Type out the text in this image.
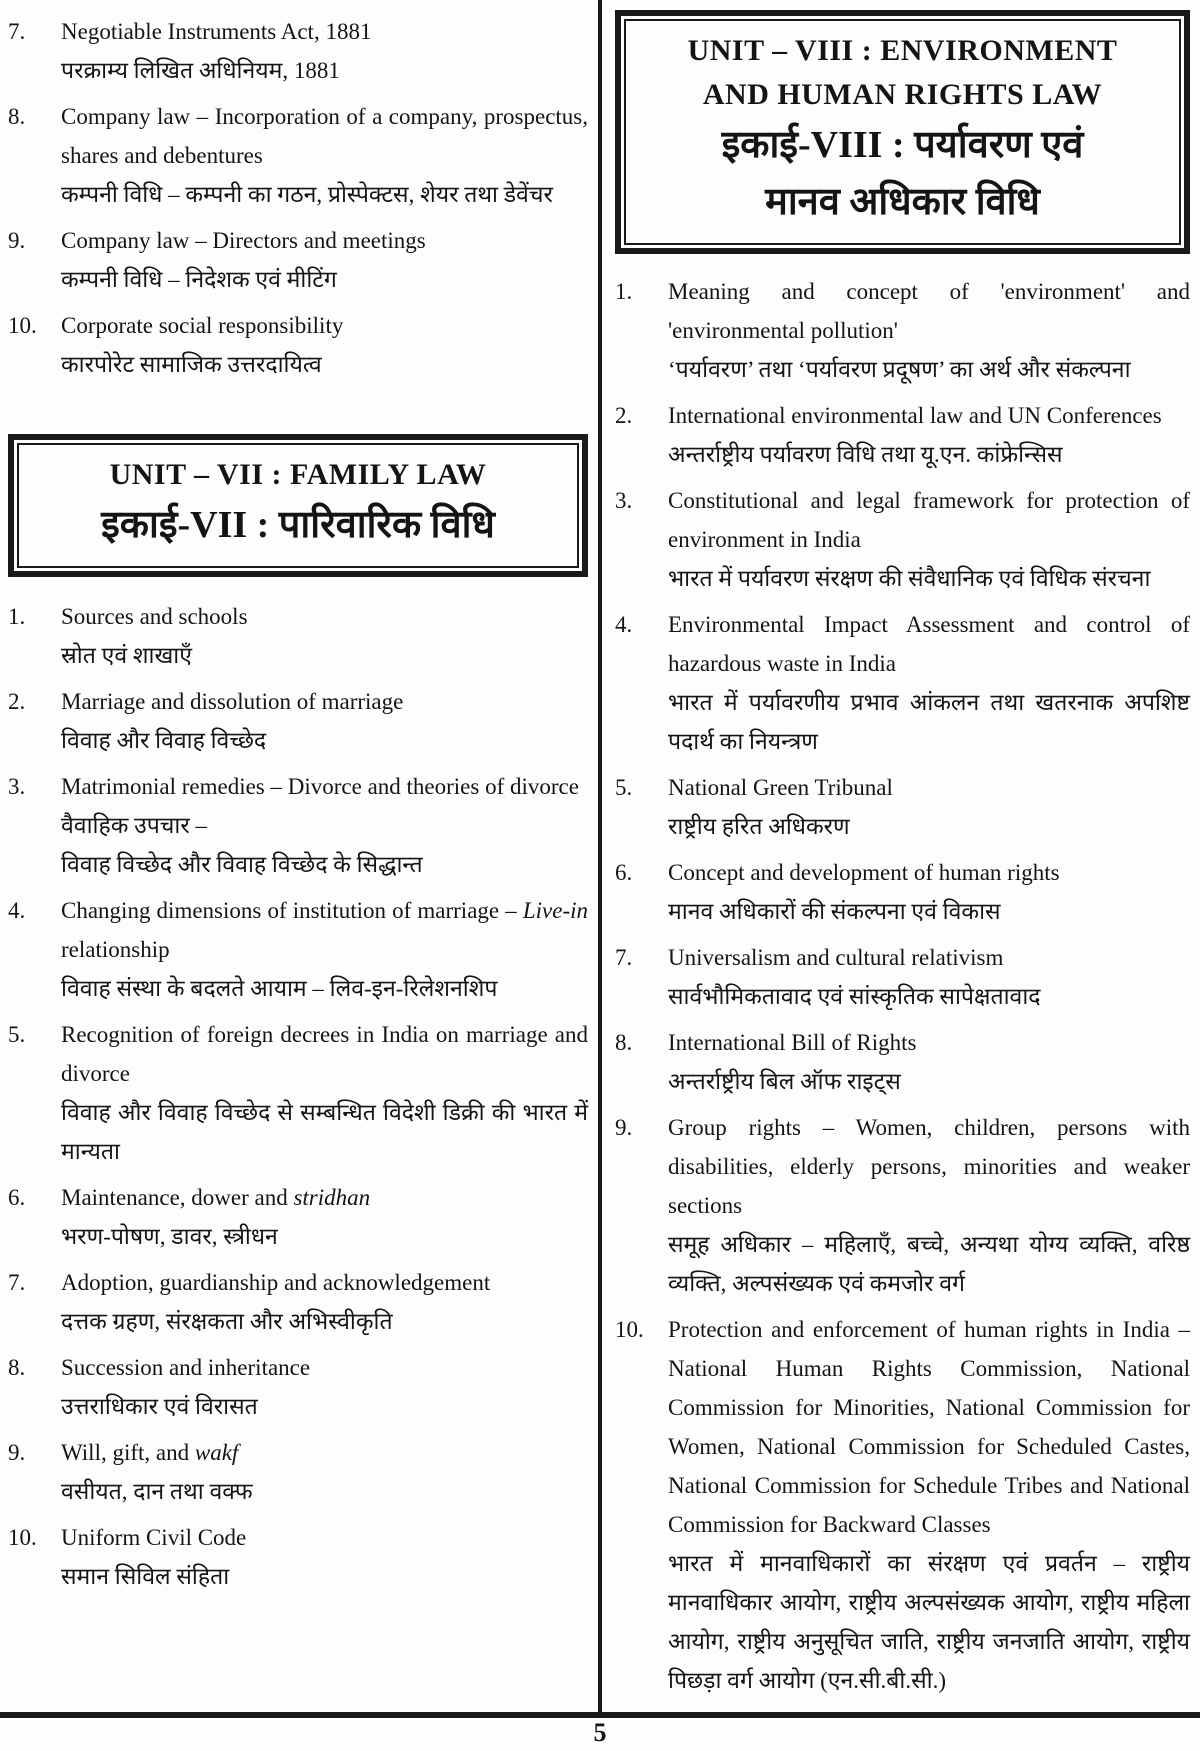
7.	Negotiable Instruments Act, 1881
परक्राम्य लिखित अधिनियम, 1881
8.	Company law – Incorporation of a company, prospectus, shares and debentures
कम्पनी विधि – कम्पनी का गठन, प्रोस्पेक्टस, शेयर तथा डेवेंचर
9.	Company law – Directors and meetings
कम्पनी विधि – निदेशक एवं मीटिंग
10.	Corporate social responsibility
कारपोरेट सामाजिक उत्तरदायित्व
UNIT – VII : FAMILY LAW
इकाई-VII : पारिवारिक विधि
1.	Sources and schools
स्रोत एवं शाखाएँ
2.	Marriage and dissolution of marriage
विवाह और विवाह विच्छेद
3.	Matrimonial remedies – Divorce and theories of divorce
वैवाहिक उपचार –
विवाह विच्छेद और विवाह विच्छेद के सिद्धान्त
4.	Changing dimensions of institution of marriage – Live-in relationship
विवाह संस्था के बदलते आयाम – लिव-इन-रिलेशनशिप
5.	Recognition of foreign decrees in India on marriage and divorce
विवाह और विवाह विच्छेद से सम्बन्धित विदेशी डिक्री की भारत में मान्यता
6.	Maintenance, dower and stridhan
भरण-पोषण, डावर, स्त्रीधन
7.	Adoption, guardianship and acknowledgement
दत्तक ग्रहण, संरक्षकता और अभिस्वीकृति
8.	Succession and inheritance
उत्तराधिकार एवं विरासत
9.	Will, gift, and wakf
वसीयत, दान तथा वक्फ
10.	Uniform Civil Code
समान सिविल संहिता
UNIT – VIII : ENVIRONMENT
AND HUMAN RIGHTS LAW
इकाई-VIII : पर्यावरण एवं
मानव अधिकार विधि
1.	Meaning and concept of 'environment' and 'environmental pollution'
‘पर्यावरण’ तथा ‘पर्यावरण प्रदूषण’ का अर्थ और संकल्पना
2.	International environmental law and UN Conferences
अन्तर्राष्ट्रीय पर्यावरण विधि तथा यू.एन. कांफ्रेन्सिस
3.	Constitutional and legal framework for protection of environment in India
भारत में पर्यावरण संरक्षण की संवैधानिक एवं विधिक संरचना
4.	Environmental Impact Assessment and control of hazardous waste in India
भारत में पर्यावरणीय प्रभाव आंकलन तथा खतरनाक अपशिष्ट पदार्थ का नियन्त्रण
5.	National Green Tribunal
राष्ट्रीय हरित अधिकरण
6.	Concept and development of human rights
मानव अधिकारों की संकल्पना एवं विकास
7.	Universalism and cultural relativism
सार्वभौमिकतावाद एवं सांस्कृतिक सापेक्षतावाद
8.	International Bill of Rights
अन्तर्राष्ट्रीय बिल ऑफ राइट्स
9.	Group rights – Women, children, persons with disabilities, elderly persons, minorities and weaker sections
समूह अधिकार – महिलाएँ, बच्चे, अन्यथा योग्य व्यक्ति, वरिष्ठ व्यक्ति, अल्पसंख्यक एवं कमजोर वर्ग
10.	Protection and enforcement of human rights in India – National Human Rights Commission, National Commission for Minorities, National Commission for Women, National Commission for Scheduled Castes, National Commission for Schedule Tribes and National Commission for Backward Classes
भारत में मानवाधिकारों का संरक्षण एवं प्रवर्तन – राष्ट्रीय मानवाधिकार आयोग, राष्ट्रीय अल्पसंख्यक आयोग, राष्ट्रीय महिला आयोग, राष्ट्रीय अनुसूचित जाति, राष्ट्रीय जनजाति आयोग, राष्ट्रीय पिछड़ा वर्ग आयोग (एन.सी.बी.सी.)
5
